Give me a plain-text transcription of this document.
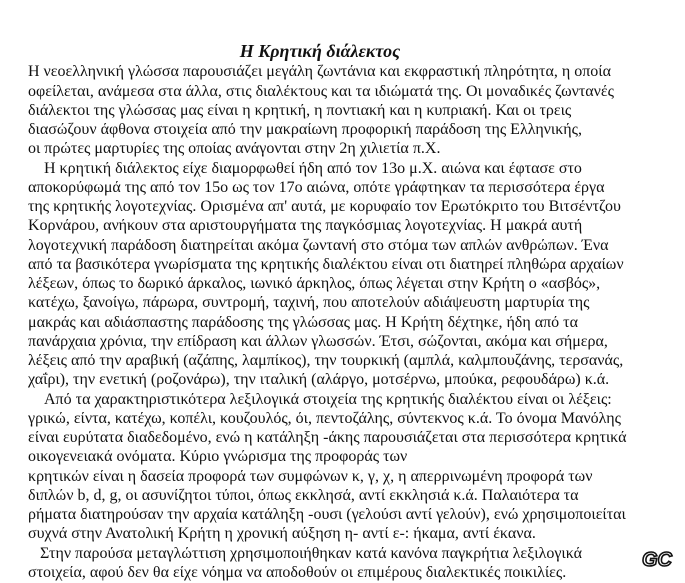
Η Κρητική διάλεκτος
Η νεοελληνική γλώσσα παρουσιάζει μεγάλη ζωντάνια και εκφραστική πληρότητα, η οποία
οφείλεται, ανάμεσα στα άλλα, στις διαλέκτους και τα ιδιώματά της. Οι μοναδικές ζωντανές
διάλεκτοι της γλώσσας μας είναι η κρητική, η ποντιακή και η κυπριακή. Και οι τρεις
διασώζουν άφθονα στοιχεία από την μακραίωνη προφορική παράδοση της Ελληνικής,
οι πρώτες μαρτυρίες της οποίας ανάγονται στην 2η χιλιετία π.Χ.
Η κρητική διάλεκτος είχε διαμορφωθεί ήδη από τον 13ο μ.Χ. αιώνα και έφτασε στο
αποκορύφωμά της από τον 15ο ως τον 17ο αιώνα, οπότε γράφτηκαν τα περισσότερα έργα
της κρητικής λογοτεχνίας. Ορισμένα απ' αυτά, με κορυφαίο τον Ερωτόκριτο του Βιτσέντζου
Κορνάρου, ανήκουν στα αριστουργήματα της παγκόσμιας λογοτεχνίας. Η μακρά αυτή
λογοτεχνική παράδοση διατηρείται ακόμα ζωντανή στο στόμα των απλών ανθρώπων. Ένα
από τα βασικότερα γνωρίσματα της κρητικής διαλέκτου είναι οτι διατηρεί πληθώρα αρχαίων
λέξεων, όπως το δωρικό άρκαλος, ιωνικό άρκηλος, όπως λέγεται στην Κρήτη ο «ασβός»,
κατέχω, ξανοίγω, πάρωρα, συντρομή, ταχινή, που αποτελούν αδιάψευστη μαρτυρία της
μακράς και αδιάσπαστης παράδοσης της γλώσσας μας. Η Κρήτη δέχτηκε, ήδη από τα
πανάρχαια χρόνια, την επίδραση και άλλων γλωσσών. Έτσι, σώζονται, ακόμα και σήμερα,
λέξεις από την αραβική (αζάπης, λαμπίκος), την τουρκική (αμπλά, καλμπουζάνης, τερσανάς,
χαΐρι), την ενετική (ροζονάρω), την ιταλική (αλάργο, μοτσέρνω, μπούκα, ρεφουδάρω) κ.ά.
Από τα χαρακτηριστικότερα λεξιλογικά στοιχεία της κρητικής διαλέκτου είναι οι λέξεις:
γρικώ, είντα, κατέχω, κοπέλι, κουζουλός, όι, πεντοζάλης, σύντεκνος κ.ά. Το όνομα Μανόλης
είναι ευρύτατα διαδεδομένο, ενώ η κατάληξη -άκης παρουσιάζεται στα περισσότερα κρητικά
οικογενειακά ονόματα. Κύριο γνώρισμα της προφοράς των
κρητικών είναι η δασεία προφορά των συμφώνων κ, γ, χ, η απερρινωμένη προφορά των
διπλών b, d, g, οι ασυνίζητοι τύποι, όπως εκκλησά, αντί εκκλησιά κ.ά. Παλαιότερα τα
ρήματα διατηρούσαν την αρχαία κατάληξη -ουσι (γελούσι αντί γελούν), ενώ χρησιμοποιείται
συχνά στην Ανατολική Κρήτη η χρονική αύξηση η- αντί ε-: ήκαμα, αντί έκανα.
Στην παρούσα μεταγλώττιση χρησιμοποιήθηκαν κατά κανόνα παγκρήτια λεξιλογικά
στοιχεία, αφού δεν θα είχε νόημα να αποδοθούν οι επιμέρους διαλεκτικές ποικιλίες.
GC
